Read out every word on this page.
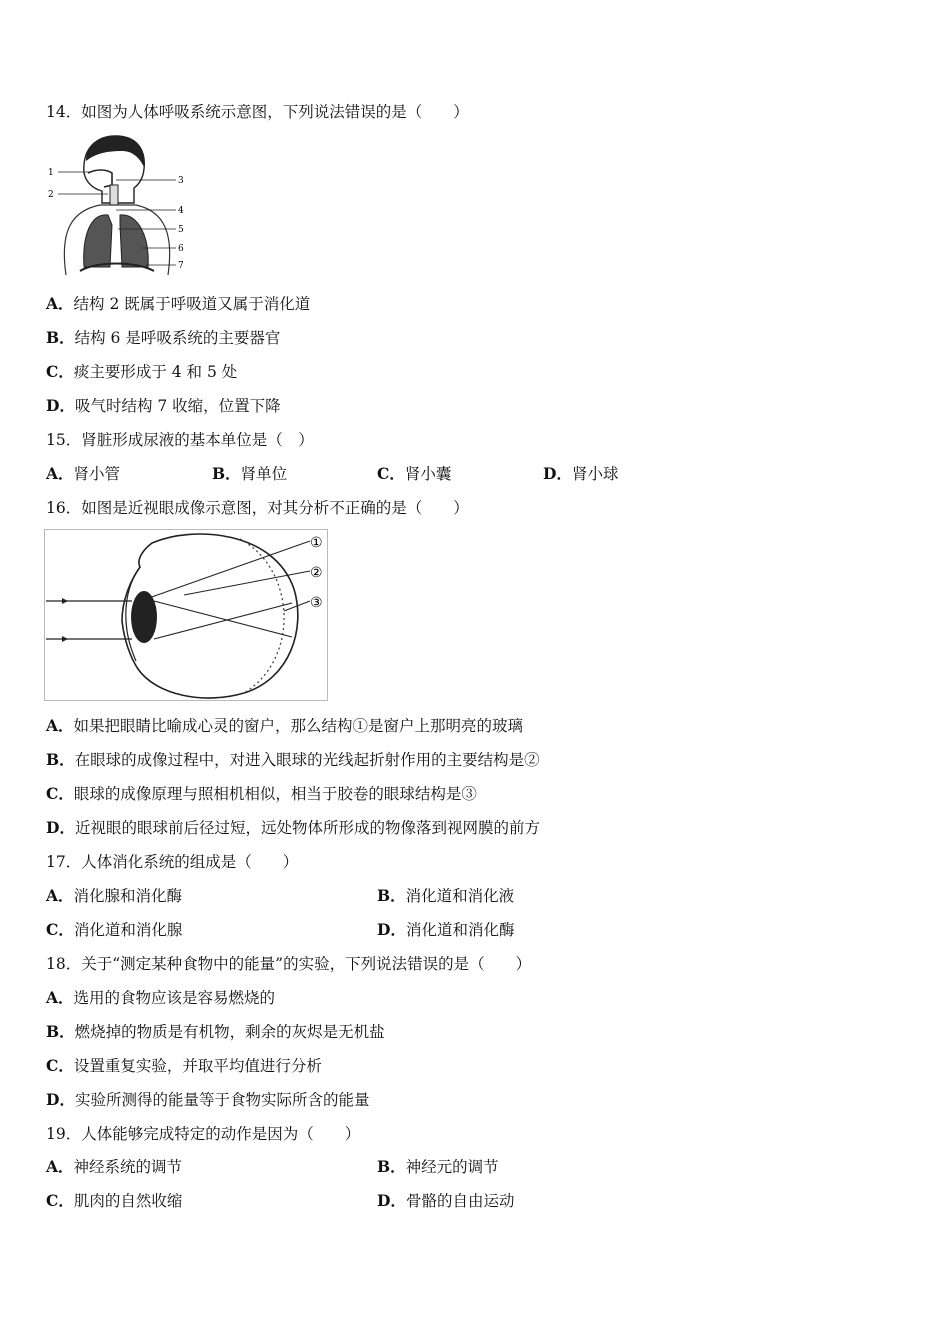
14．如图为人体呼吸系统示意图，下列说法错误的是（　　）
1
2
3
4
5
6
7
A．结构 2 既属于呼吸道又属于消化道
B．结构 6 是呼吸系统的主要器官
C．痰主要形成于 4 和 5 处
D．吸气时结构 7 收缩，位置下降
15．肾脏形成尿液的基本单位是（　）
A．肾小管	B．肾单位	C．肾小囊	D．肾小球
16．如图是近视眼成像示意图，对其分析不正确的是（　　）
①
②
③
A．如果把眼睛比喻成心灵的窗户，那么结构①是窗户上那明亮的玻璃
B．在眼球的成像过程中，对进入眼球的光线起折射作用的主要结构是②
C．眼球的成像原理与照相机相似，相当于胶卷的眼球结构是③
D．近视眼的眼球前后径过短，远处物体所形成的物像落到视网膜的前方
17．人体消化系统的组成是（　　）
A．消化腺和消化酶	B．消化道和消化液
C．消化道和消化腺	D．消化道和消化酶
18．关于“测定某种食物中的能量”的实验，下列说法错误的是（　　）
A．选用的食物应该是容易燃烧的
B．燃烧掉的物质是有机物，剩余的灰烬是无机盐
C．设置重复实验，并取平均值进行分析
D．实验所测得的能量等于食物实际所含的能量
19．人体能够完成特定的动作是因为（　　）
A．神经系统的调节	B．神经元的调节
C．肌肉的自然收缩	D．骨骼的自由运动
